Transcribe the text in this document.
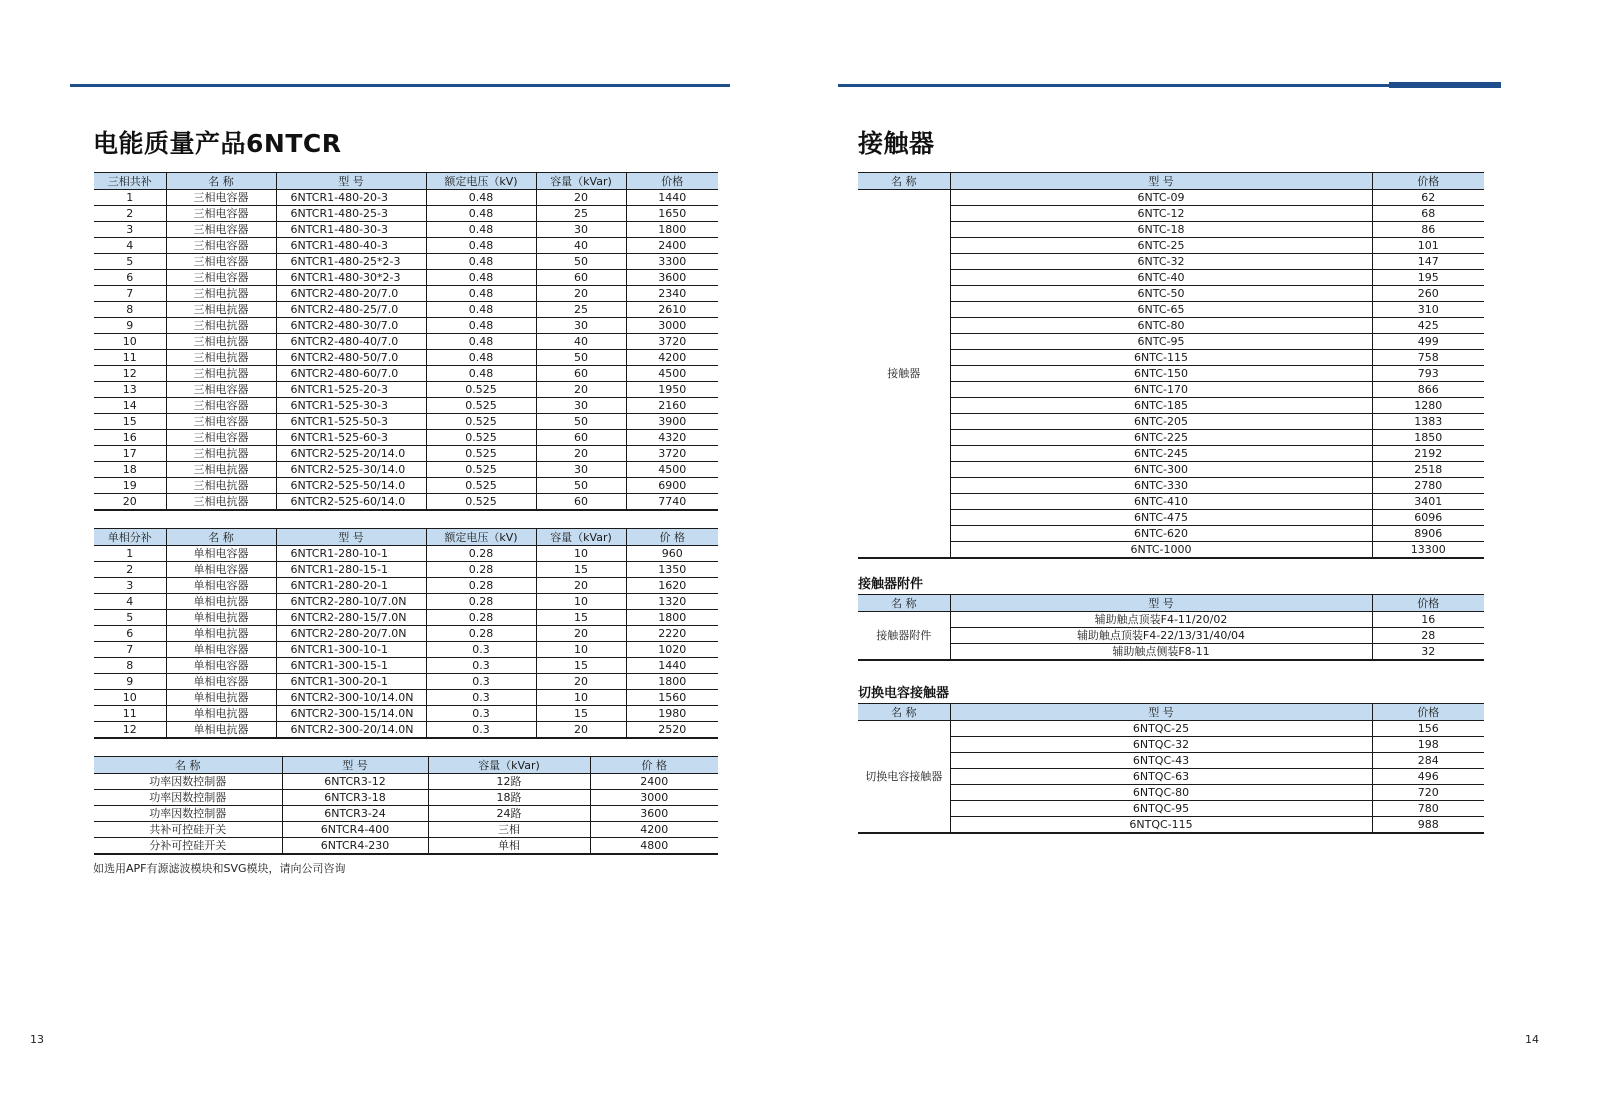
电能质量产品6NTCR
三相共补	名 称	型 号	额定电压（kV)	容量（kVar)	价格
1	三相电容器	6NTCR1-480-20-3	0.48	20	1440
2	三相电容器	6NTCR1-480-25-3	0.48	25	1650
3	三相电容器	6NTCR1-480-30-3	0.48	30	1800
4	三相电容器	6NTCR1-480-40-3	0.48	40	2400
5	三相电容器	6NTCR1-480-25*2-3	0.48	50	3300
6	三相电容器	6NTCR1-480-30*2-3	0.48	60	3600
7	三相电抗器	6NTCR2-480-20/7.0	0.48	20	2340
8	三相电抗器	6NTCR2-480-25/7.0	0.48	25	2610
9	三相电抗器	6NTCR2-480-30/7.0	0.48	30	3000
10	三相电抗器	6NTCR2-480-40/7.0	0.48	40	3720
11	三相电抗器	6NTCR2-480-50/7.0	0.48	50	4200
12	三相电抗器	6NTCR2-480-60/7.0	0.48	60	4500
13	三相电容器	6NTCR1-525-20-3	0.525	20	1950
14	三相电容器	6NTCR1-525-30-3	0.525	30	2160
15	三相电容器	6NTCR1-525-50-3	0.525	50	3900
16	三相电容器	6NTCR1-525-60-3	0.525	60	4320
17	三相电抗器	6NTCR2-525-20/14.0	0.525	20	3720
18	三相电抗器	6NTCR2-525-30/14.0	0.525	30	4500
19	三相电抗器	6NTCR2-525-50/14.0	0.525	50	6900
20	三相电抗器	6NTCR2-525-60/14.0	0.525	60	7740
单相分补	名 称	型 号	额定电压（kV)	容量（kVar)	价 格
1	单相电容器	6NTCR1-280-10-1	0.28	10	960
2	单相电容器	6NTCR1-280-15-1	0.28	15	1350
3	单相电容器	6NTCR1-280-20-1	0.28	20	1620
4	单相电抗器	6NTCR2-280-10/7.0N	0.28	10	1320
5	单相电抗器	6NTCR2-280-15/7.0N	0.28	15	1800
6	单相电抗器	6NTCR2-280-20/7.0N	0.28	20	2220
7	单相电容器	6NTCR1-300-10-1	0.3	10	1020
8	单相电容器	6NTCR1-300-15-1	0.3	15	1440
9	单相电容器	6NTCR1-300-20-1	0.3	20	1800
10	单相电抗器	6NTCR2-300-10/14.0N	0.3	10	1560
11	单相电抗器	6NTCR2-300-15/14.0N	0.3	15	1980
12	单相电抗器	6NTCR2-300-20/14.0N	0.3	20	2520
名 称	型 号	容量（kVar)	价 格
功率因数控制器	6NTCR3-12	12路	2400
功率因数控制器	6NTCR3-18	18路	3000
功率因数控制器	6NTCR3-24	24路	3600
共补可控硅开关	6NTCR4-400	三相	4200
分补可控硅开关	6NTCR4-230	单相	4800
如选用APF有源滤波模块和SVG模块，请向公司咨询
13
接触器
名 称	型 号	价格
接触器	6NTC-09	62
	6NTC-12	68
	6NTC-18	86
	6NTC-25	101
	6NTC-32	147
	6NTC-40	195
	6NTC-50	260
	6NTC-65	310
	6NTC-80	425
	6NTC-95	499
	6NTC-115	758
	6NTC-150	793
	6NTC-170	866
	6NTC-185	1280
	6NTC-205	1383
	6NTC-225	1850
	6NTC-245	2192
	6NTC-300	2518
	6NTC-330	2780
	6NTC-410	3401
	6NTC-475	6096
	6NTC-620	8906
	6NTC-1000	13300
接触器附件
名 称	型 号	价格
接触器附件	辅助触点顶装F4-11/20/02	16
	辅助触点顶装F4-22/13/31/40/04	28
	辅助触点侧装F8-11	32
切换电容接触器
名 称	型 号	价格
切换电容接触器	6NTQC-25	156
	6NTQC-32	198
	6NTQC-43	284
	6NTQC-63	496
	6NTQC-80	720
	6NTQC-95	780
	6NTQC-115	988
14
